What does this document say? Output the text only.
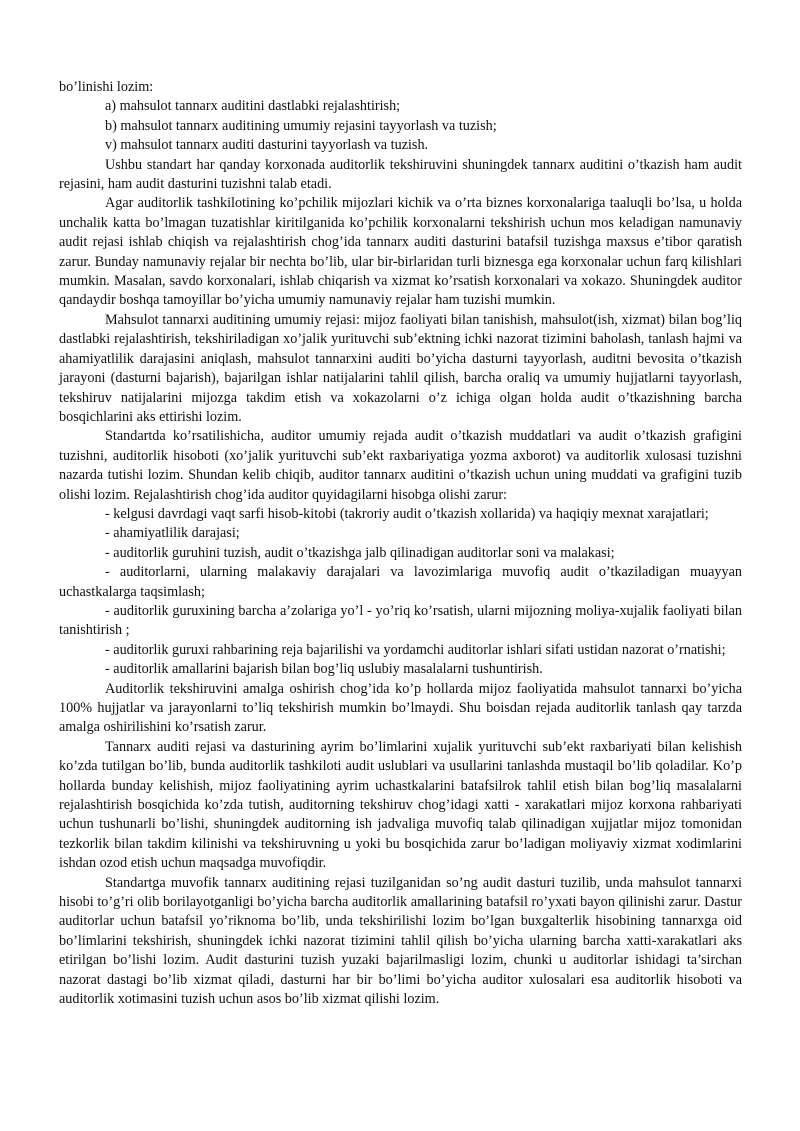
bo’linishi lozim:

a) mahsulot tannarx auditini dastlabki rejalashtirish;

b) mahsulot tannarx auditining umumiy rejasini tayyorlash va tuzish;

v) mahsulot tannarx auditi dasturini tayyorlash va tuzish.

Ushbu standart har qanday korxonada auditorlik tekshiruvini shuningdek tannarx auditini o’tkazish ham audit rejasini, ham audit dasturini tuzishni talab etadi.

Agar auditorlik tashkilotining ko’pchilik mijozlari kichik va o’rta biznes korxonalariga taaluqli bo’lsa, u holda unchalik katta bo’lmagan tuzatishlar kiritilganida ko’pchilik korxonalarni tekshirish uchun mos keladigan namunaviy audit rejasi ishlab chiqish va rejalashtirish chog’ida tannarx auditi dasturini batafsil tuzishga maxsus e’tibor qaratish zarur. Bunday namunaviy rejalar bir nechta bo’lib, ular bir-birlaridan turli biznesga ega korxonalar uchun farq kilishlari mumkin. Masalan, savdo korxonalari, ishlab chiqarish va xizmat ko’rsatish korxonalari va xokazo. Shuningdek auditor qandaydir boshqa tamoyillar bo’yicha umumiy namunaviy rejalar ham tuzishi mumkin.

Mahsulot tannarxi auditining umumiy rejasi: mijoz faoliyati bilan tanishish, mahsulot(ish, xizmat) bilan bog’liq dastlabki rejalashtirish, tekshiriladigan xo’jalik yurituvchi sub’ektning ichki nazorat tizimini baholash, tanlash hajmi va ahamiyatlilik darajasini aniqlash, mahsulot tannarxini auditi bo’yicha dasturni tayyorlash, auditni bevosita o’tkazish jarayoni (dasturni bajarish), bajarilgan ishlar natijalarini tahlil qilish, barcha oraliq va umumiy hujjatlarni tayyorlash, tekshiruv natijalarini mijozga takdim etish va xokazolarni o’z ichiga olgan holda audit o’tkazishning barcha bosqichlarini aks ettirishi lozim.

Standartda ko’rsatilishicha, auditor umumiy rejada audit o’tkazish muddatlari va audit o’tkazish grafigini tuzishni, auditorlik hisoboti (xo’jalik yurituvchi sub’ekt raxbariyatiga yozma axborot) va auditorlik xulosasi tuzishni nazarda tutishi lozim. Shundan kelib chiqib, auditor tannarx auditini o’tkazish uchun uning muddati va grafigini tuzib olishi lozim. Rejalashtirish chog’ida auditor quyidagilarni hisobga olishi zarur:

- kelgusi davrdagi vaqt sarfi hisob-kitobi (takroriy audit o’tkazish xollarida) va haqiqiy mexnat xarajatlari;

- ahamiyatlilik darajasi;

- auditorlik guruhini tuzish, audit o’tkazishga jalb qilinadigan auditorlar soni va malakasi;

- auditorlarni, ularning malakaviy darajalari va lavozimlariga muvofiq audit o’tkaziladigan muayyan uchastkalarga taqsimlash;

- auditorlik guruxining barcha a’zolariga yo’l - yo’riq ko’rsatish, ularni mijozning moliya-xujalik faoliyati bilan tanishtirish ;

- auditorlik guruxi rahbarining reja bajarilishi va yordamchi auditorlar ishlari sifati ustidan nazorat o’rnatishi;

- auditorlik amallarini bajarish bilan bog’liq uslubiy masalalarni tushuntirish.

Auditorlik tekshiruvini amalga oshirish chog’ida ko’p hollarda mijoz faoliyatida mahsulot tannarxi bo’yicha 100% hujjatlar va jarayonlarni to’liq tekshirish mumkin bo’lmaydi. Shu boisdan rejada auditorlik tanlash qay tarzda amalga oshirilishini ko’rsatish zarur.

Tannarx auditi rejasi va dasturining ayrim bo’limlarini xujalik yurituvchi sub’ekt raxbariyati bilan kelishish ko’zda tutilgan bo’lib, bunda auditorlik tashkiloti audit uslublari va usullarini tanlashda mustaqil bo’lib qoladilar. Ko’p hollarda bunday kelishish, mijoz faoliyatining ayrim uchastkalarini batafsilrok tahlil etish bilan bog’liq masalalarni rejalashtirish bosqichida ko’zda tutish, auditorning tekshiruv chog’idagi xatti - xarakatlari mijoz korxona rahbariyati uchun tushunarli bo’lishi, shuningdek auditorning ish jadvaliga muvofiq talab qilinadigan xujjatlar mijoz tomonidan tezkorlik bilan takdim kilinishi va tekshiruvning u yoki bu bosqichida zarur bo’ladigan moliyaviy xizmat xodimlarini ishdan ozod etish uchun maqsadga muvofiqdir.

Standartga muvofik tannarx auditining rejasi tuzilganidan so’ng audit dasturi tuzilib, unda mahsulot tannarxi hisobi to’g’ri olib borilayotganligi bo’yicha barcha auditorlik amallarining batafsil ro’yxati bayon qilinishi zarur. Dastur auditorlar uchun batafsil yo’riknoma bo’lib, unda tekshirilishi lozim bo’lgan buxgalterlik hisobining tannarxga oid bo’limlarini tekshirish, shuningdek ichki nazorat tizimini tahlil qilish bo’yicha ularning barcha xatti-xarakatlari aks etirilgan bo’lishi lozim. Audit dasturini tuzish yuzaki bajarilmasligi lozim, chunki u auditorlar ishidagi ta’sirchan nazorat dastagi bo’lib xizmat qiladi, dasturni har bir bo’limi bo’yicha auditor xulosalari esa auditorlik hisoboti va auditorlik xotimasini tuzish uchun asos bo’lib xizmat qilishi lozim.
